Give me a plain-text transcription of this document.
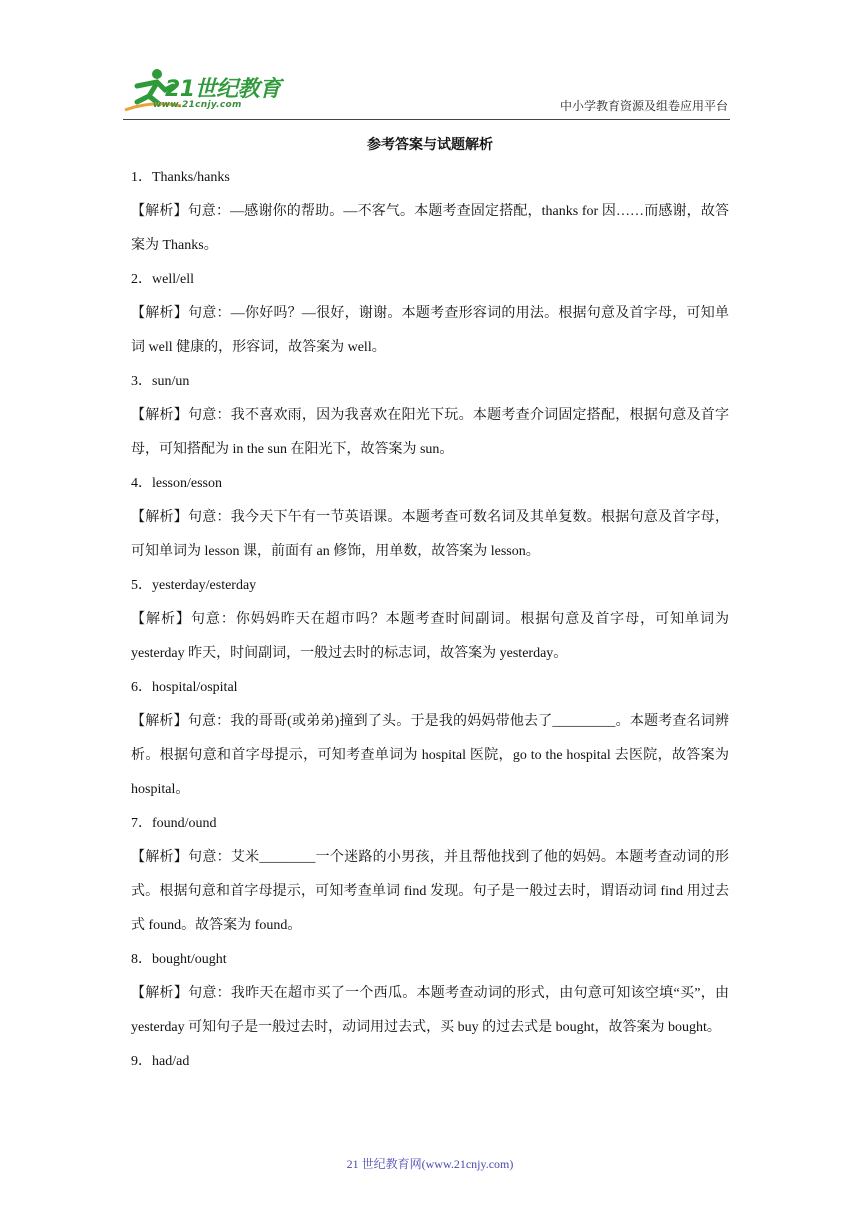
21世纪教育
www.21cnjy.com	中小学教育资源及组卷应用平台
参考答案与试题解析

1．Thanks/hanks

【解析】句意：—感谢你的帮助。—不客气。本题考查固定搭配，thanks for 因……而感谢，故答案为 Thanks。

2．well/ell

【解析】句意：—你好吗？—很好，谢谢。本题考查形容词的用法。根据句意及首字母，可知单词 well 健康的，形容词，故答案为 well。

3．sun/un

【解析】句意：我不喜欢雨，因为我喜欢在阳光下玩。本题考查介词固定搭配，根据句意及首字母，可知搭配为 in the sun 在阳光下，故答案为 sun。

4．lesson/esson

【解析】句意：我今天下午有一节英语课。本题考查可数名词及其单复数。根据句意及首字母，可知单词为 lesson 课，前面有 an 修饰，用单数，故答案为 lesson。

5．yesterday/esterday

【解析】句意：你妈妈昨天在超市吗？本题考查时间副词。根据句意及首字母，可知单词为 yesterday 昨天，时间副词，一般过去时的标志词，故答案为 yesterday。

6．hospital/ospital

【解析】句意：我的哥哥(或弟弟)撞到了头。于是我的妈妈带他去了_________。本题考查名词辨析。根据句意和首字母提示，可知考查单词为 hospital 医院，go to the hospital 去医院，故答案为 hospital。

7．found/ound

【解析】句意：艾米________一个迷路的小男孩，并且帮他找到了他的妈妈。本题考查动词的形式。根据句意和首字母提示，可知考查单词 find 发现。句子是一般过去时，谓语动词 find 用过去式 found。故答案为 found。

8．bought/ought

【解析】句意：我昨天在超市买了一个西瓜。本题考查动词的形式，由句意可知该空填“买”，由 yesterday 可知句子是一般过去时，动词用过去式，买 buy 的过去式是 bought，故答案为 bought。

9．had/ad

21 世纪教育网(www.21cnjy.com)
